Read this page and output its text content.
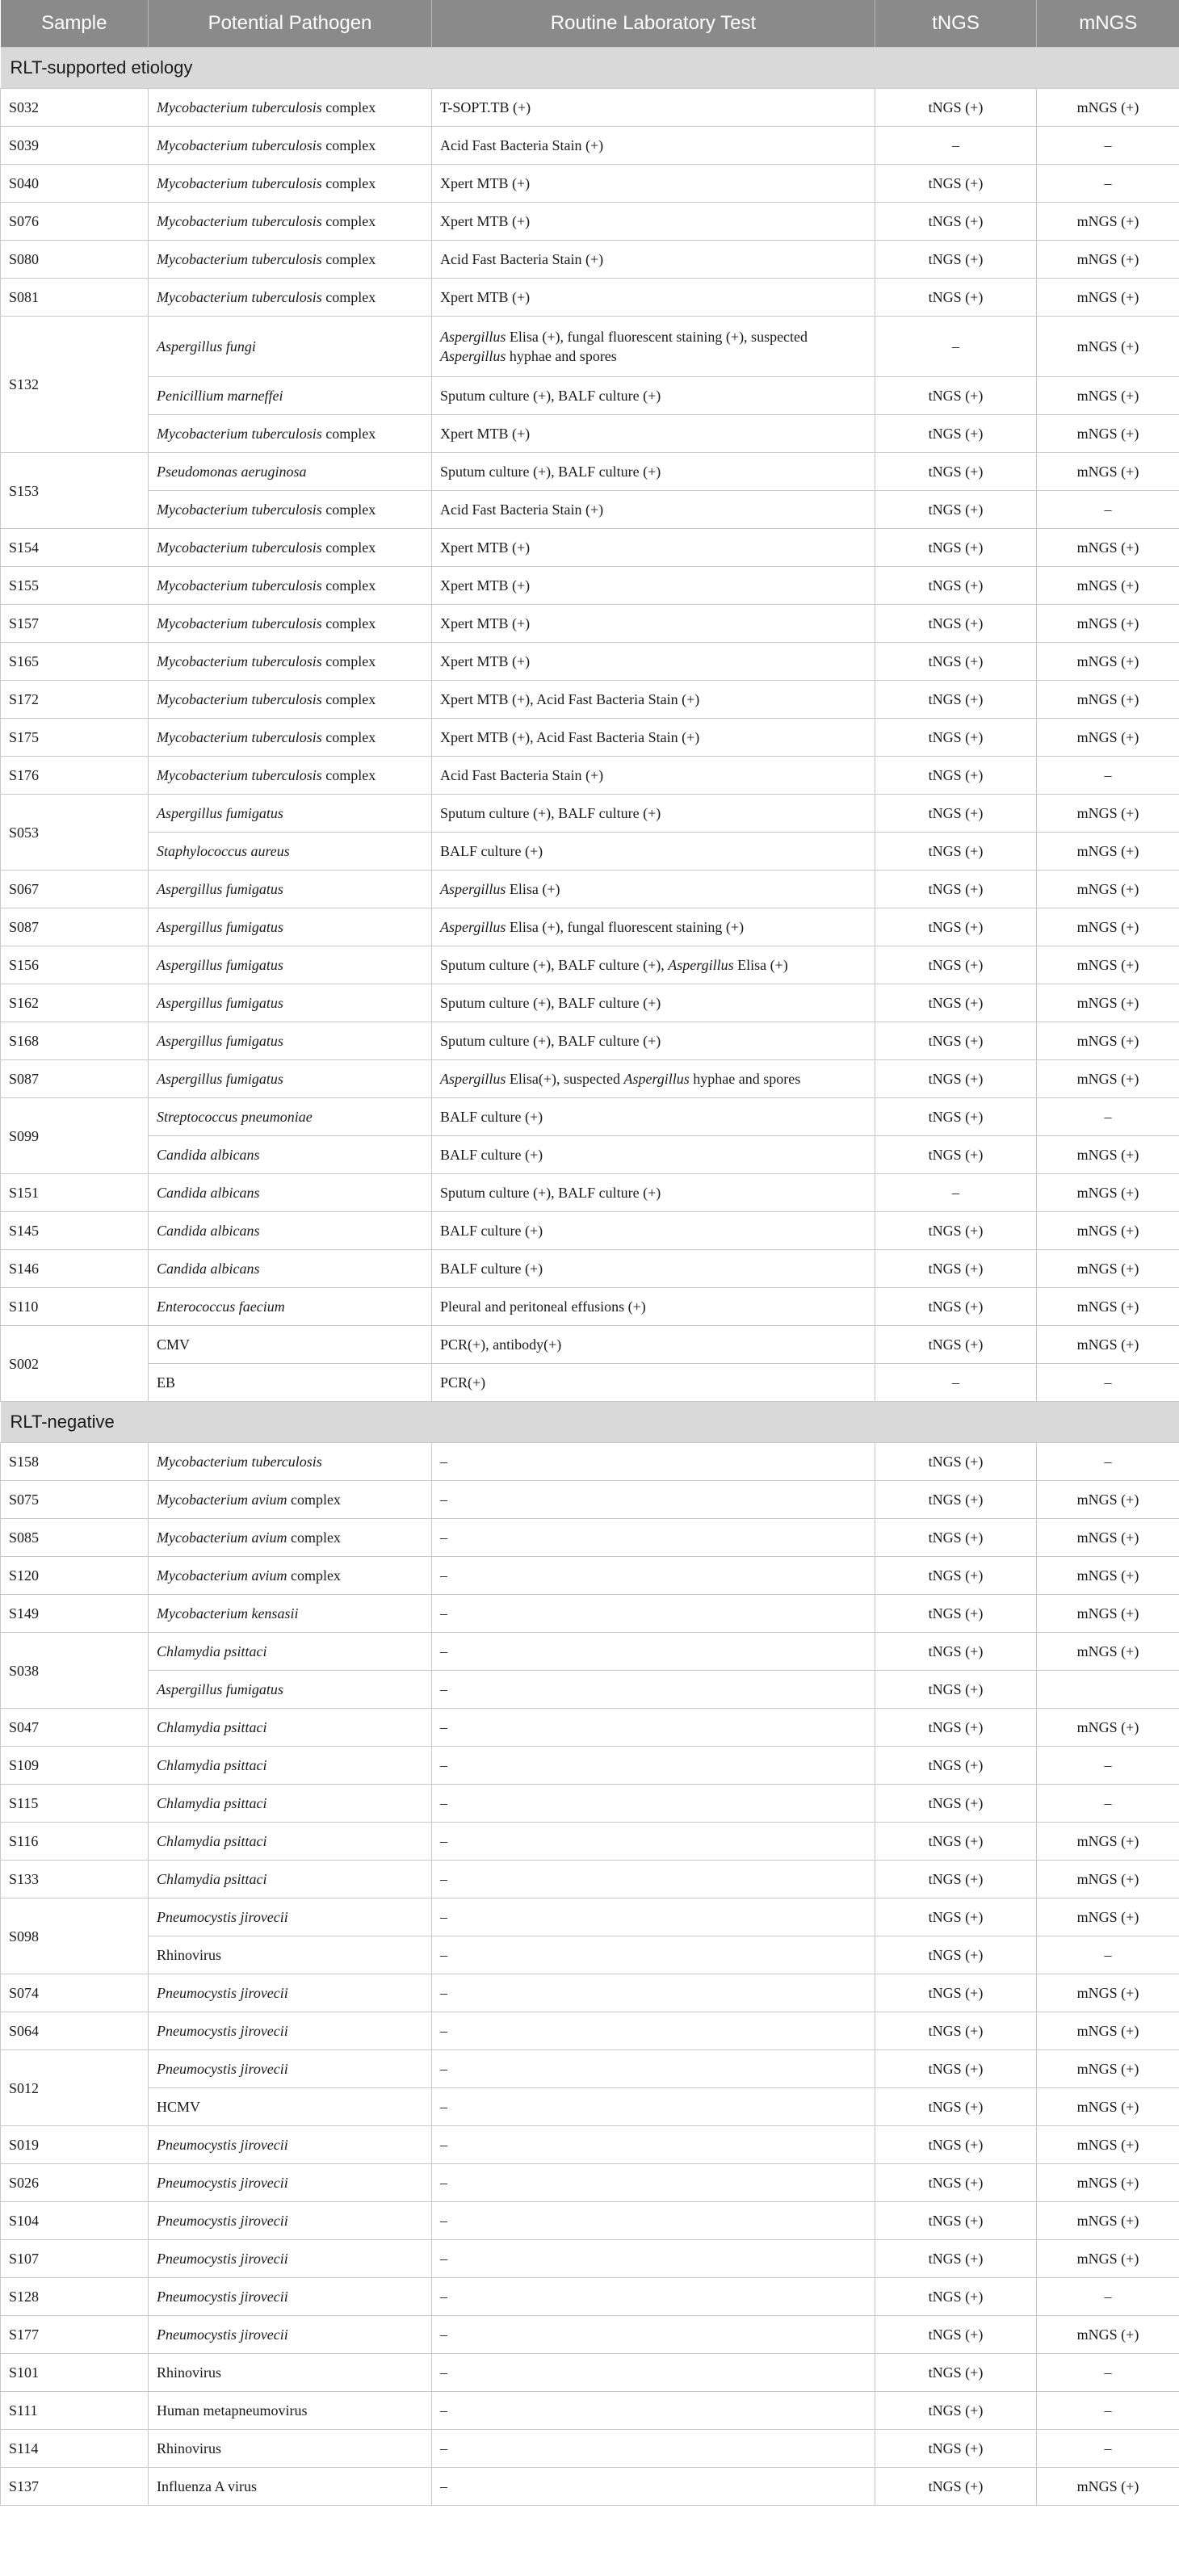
Sample	Potential Pathogen	Routine Laboratory Test	tNGS	mNGS
RLT-supported etiology				
S032	Mycobacterium tuberculosis complex	T-SOPT.TB (+)	tNGS (+)	mNGS (+)
S039	Mycobacterium tuberculosis complex	Acid Fast Bacteria Stain (+)	–	–
S040	Mycobacterium tuberculosis complex	Xpert MTB (+)	tNGS (+)	–
S076	Mycobacterium tuberculosis complex	Xpert MTB (+)	tNGS (+)	mNGS (+)
S080	Mycobacterium tuberculosis complex	Acid Fast Bacteria Stain (+)	tNGS (+)	mNGS (+)
S081	Mycobacterium tuberculosis complex	Xpert MTB (+)	tNGS (+)	mNGS (+)
S132	Aspergillus fungi	Aspergillus Elisa (+), fungal fluorescent staining (+), suspected Aspergillus hyphae and spores	–	mNGS (+)
	Penicillium marneffei	Sputum culture (+), BALF culture (+)	tNGS (+)	mNGS (+)
	Mycobacterium tuberculosis complex	Xpert MTB (+)	tNGS (+)	mNGS (+)
S153	Pseudomonas aeruginosa	Sputum culture (+), BALF culture (+)	tNGS (+)	mNGS (+)
	Mycobacterium tuberculosis complex	Acid Fast Bacteria Stain (+)	tNGS (+)	–
S154	Mycobacterium tuberculosis complex	Xpert MTB (+)	tNGS (+)	mNGS (+)
S155	Mycobacterium tuberculosis complex	Xpert MTB (+)	tNGS (+)	mNGS (+)
S157	Mycobacterium tuberculosis complex	Xpert MTB (+)	tNGS (+)	mNGS (+)
S165	Mycobacterium tuberculosis complex	Xpert MTB (+)	tNGS (+)	mNGS (+)
S172	Mycobacterium tuberculosis complex	Xpert MTB (+), Acid Fast Bacteria Stain (+)	tNGS (+)	mNGS (+)
S175	Mycobacterium tuberculosis complex	Xpert MTB (+), Acid Fast Bacteria Stain (+)	tNGS (+)	mNGS (+)
S176	Mycobacterium tuberculosis complex	Acid Fast Bacteria Stain (+)	tNGS (+)	–
S053	Aspergillus fumigatus	Sputum culture (+), BALF culture (+)	tNGS (+)	mNGS (+)
	Staphylococcus aureus	BALF culture (+)	tNGS (+)	mNGS (+)
S067	Aspergillus fumigatus	Aspergillus Elisa (+)	tNGS (+)	mNGS (+)
S087	Aspergillus fumigatus	Aspergillus Elisa (+), fungal fluorescent staining (+)	tNGS (+)	mNGS (+)
S156	Aspergillus fumigatus	Sputum culture (+), BALF culture (+), Aspergillus Elisa (+)	tNGS (+)	mNGS (+)
S162	Aspergillus fumigatus	Sputum culture (+), BALF culture (+)	tNGS (+)	mNGS (+)
S168	Aspergillus fumigatus	Sputum culture (+), BALF culture (+)	tNGS (+)	mNGS (+)
S087	Aspergillus fumigatus	Aspergillus Elisa(+), suspected Aspergillus hyphae and spores	tNGS (+)	mNGS (+)
S099	Streptococcus pneumoniae	BALF culture (+)	tNGS (+)	–
	Candida albicans	BALF culture (+)	tNGS (+)	mNGS (+)
S151	Candida albicans	Sputum culture (+), BALF culture (+)	–	mNGS (+)
S145	Candida albicans	BALF culture (+)	tNGS (+)	mNGS (+)
S146	Candida albicans	BALF culture (+)	tNGS (+)	mNGS (+)
S110	Enterococcus faecium	Pleural and peritoneal effusions (+)	tNGS (+)	mNGS (+)
S002	CMV	PCR(+), antibody(+)	tNGS (+)	mNGS (+)
	EB	PCR(+)	–	–
RLT-negative				
S158	Mycobacterium tuberculosis	–	tNGS (+)	–
S075	Mycobacterium avium complex	–	tNGS (+)	mNGS (+)
S085	Mycobacterium avium complex	–	tNGS (+)	mNGS (+)
S120	Mycobacterium avium complex	–	tNGS (+)	mNGS (+)
S149	Mycobacterium kensasii	–	tNGS (+)	mNGS (+)
S038	Chlamydia psittaci	–	tNGS (+)	mNGS (+)
	Aspergillus fumigatus	–	tNGS (+)	
S047	Chlamydia psittaci	–	tNGS (+)	mNGS (+)
S109	Chlamydia psittaci	–	tNGS (+)	–
S115	Chlamydia psittaci	–	tNGS (+)	–
S116	Chlamydia psittaci	–	tNGS (+)	mNGS (+)
S133	Chlamydia psittaci	–	tNGS (+)	mNGS (+)
S098	Pneumocystis jirovecii	–	tNGS (+)	mNGS (+)
	Rhinovirus	–	tNGS (+)	–
S074	Pneumocystis jirovecii	–	tNGS (+)	mNGS (+)
S064	Pneumocystis jirovecii	–	tNGS (+)	mNGS (+)
S012	Pneumocystis jirovecii	–	tNGS (+)	mNGS (+)
	HCMV	–	tNGS (+)	mNGS (+)
S019	Pneumocystis jirovecii	–	tNGS (+)	mNGS (+)
S026	Pneumocystis jirovecii	–	tNGS (+)	mNGS (+)
S104	Pneumocystis jirovecii	–	tNGS (+)	mNGS (+)
S107	Pneumocystis jirovecii	–	tNGS (+)	mNGS (+)
S128	Pneumocystis jirovecii	–	tNGS (+)	–
S177	Pneumocystis jirovecii	–	tNGS (+)	mNGS (+)
S101	Rhinovirus	–	tNGS (+)	–
S111	Human metapneumovirus	–	tNGS (+)	–
S114	Rhinovirus	–	tNGS (+)	–
S137	Influenza A virus	–	tNGS (+)	mNGS (+)
